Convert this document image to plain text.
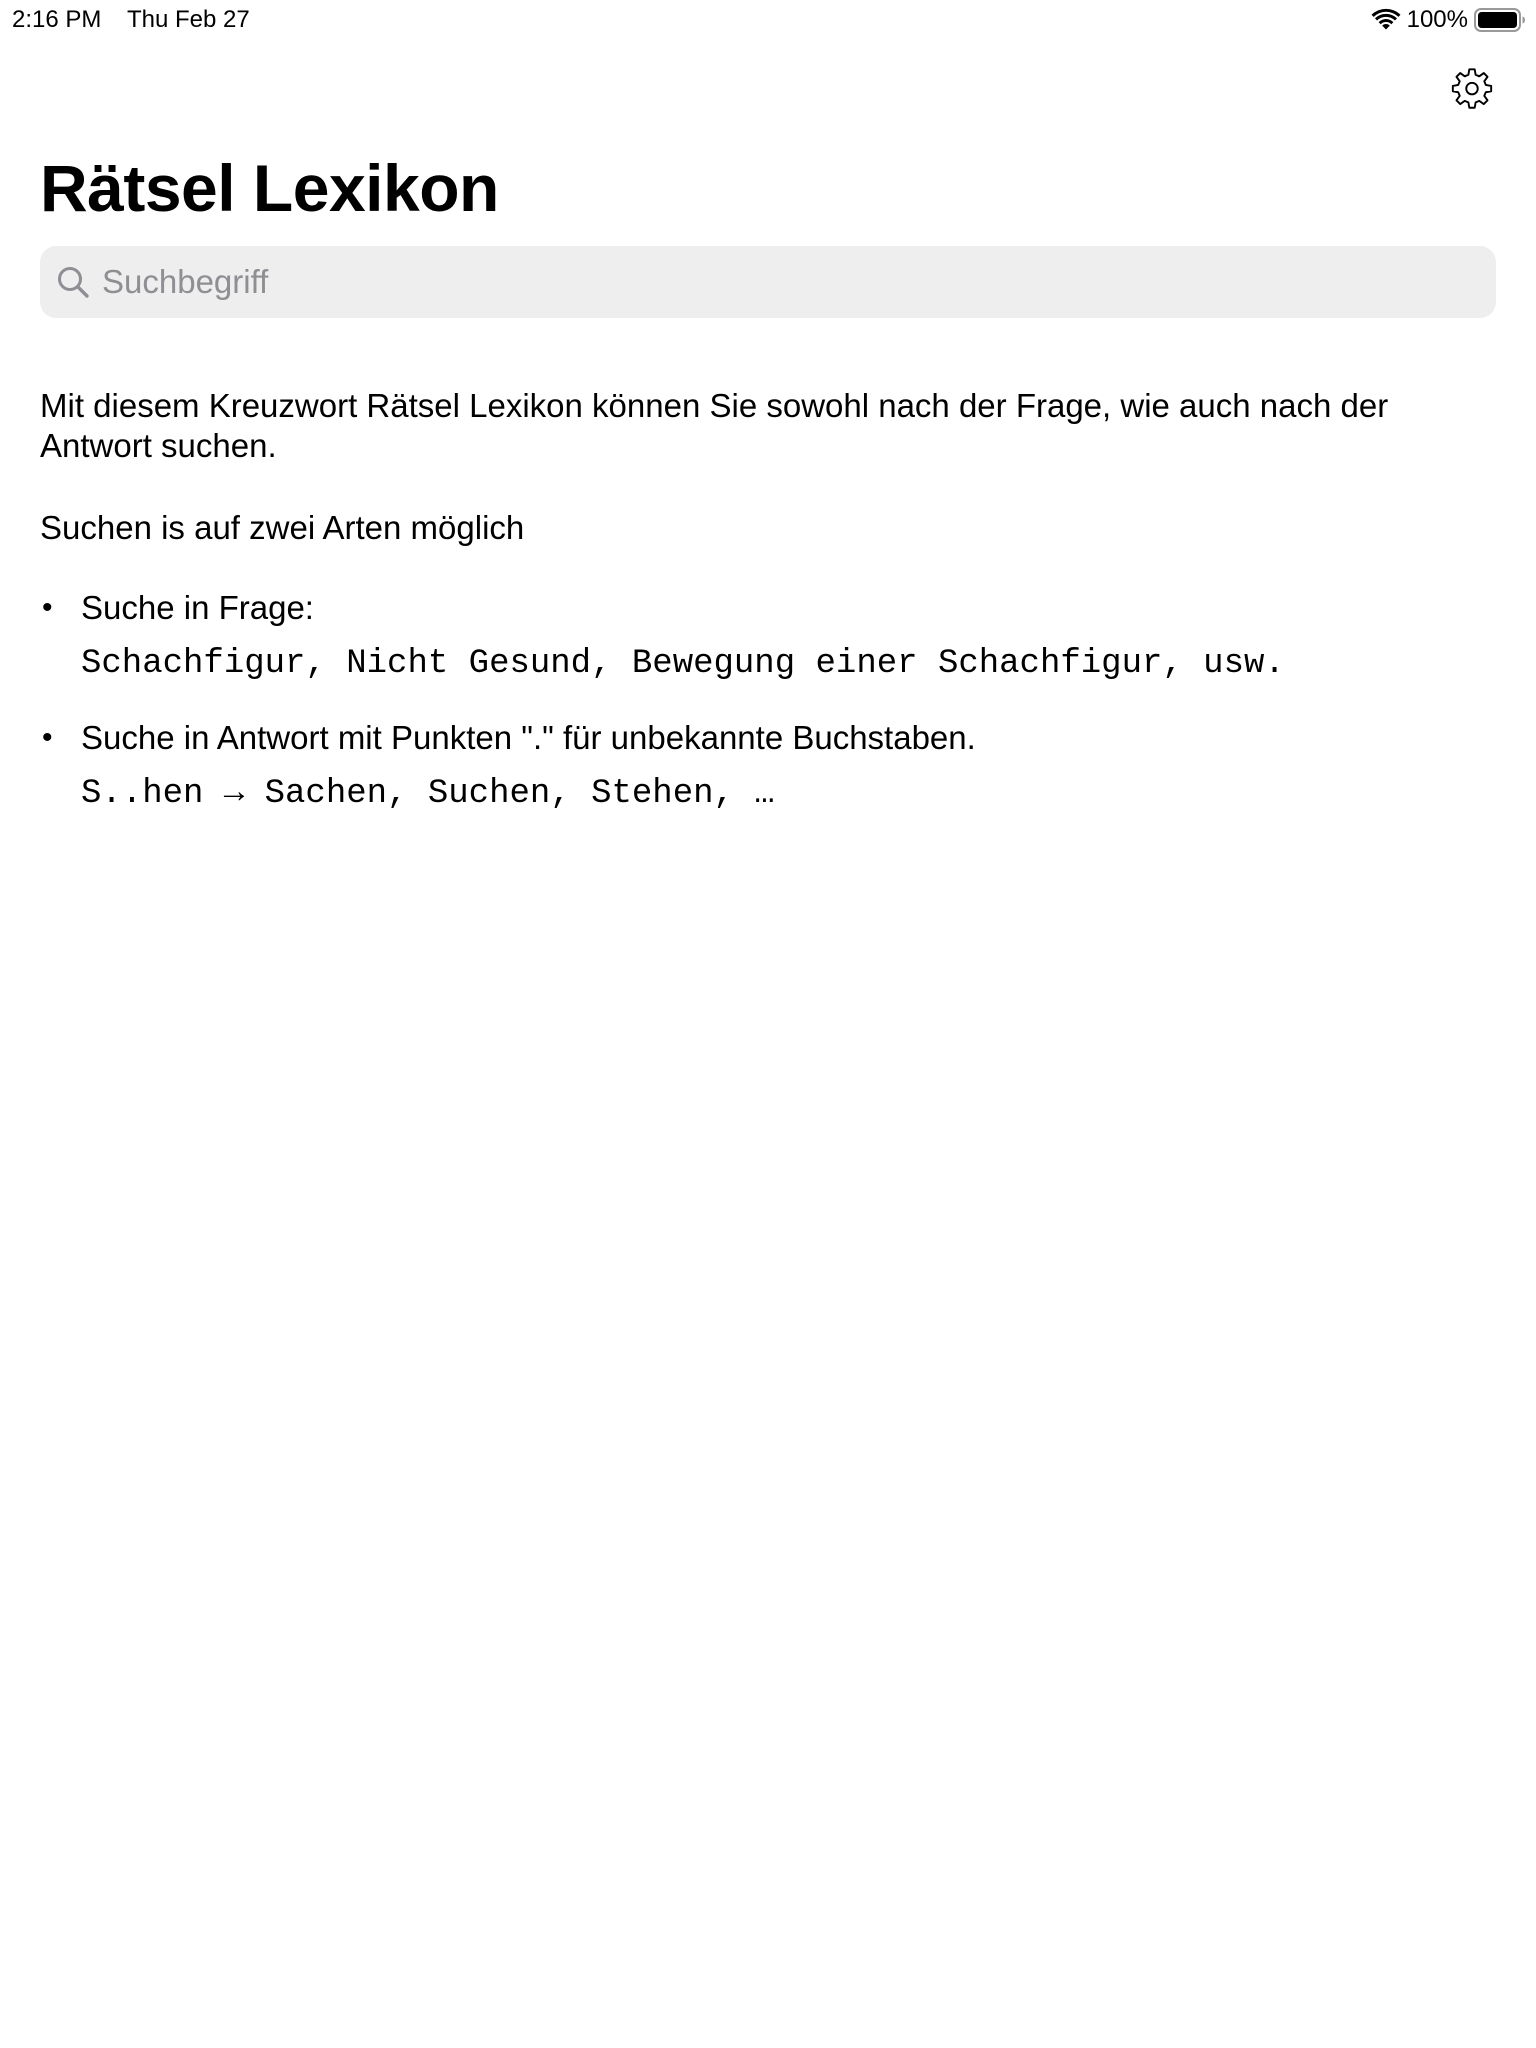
2:16 PM Thu Feb 27	100%
Rätsel Lexikon
Suchbegriff

Mit diesem Kreuzwort Rätsel Lexikon können Sie sowohl nach der Frage, wie auch nach der Antwort suchen.

Suchen is auf zwei Arten möglich

• Suche in Frage:
Schachfigur, Nicht Gesund, Bewegung einer Schachfigur, usw.
• Suche in Antwort mit Punkten "." für unbekannte Buchstaben.
S..hen → Sachen, Suchen, Stehen, …
